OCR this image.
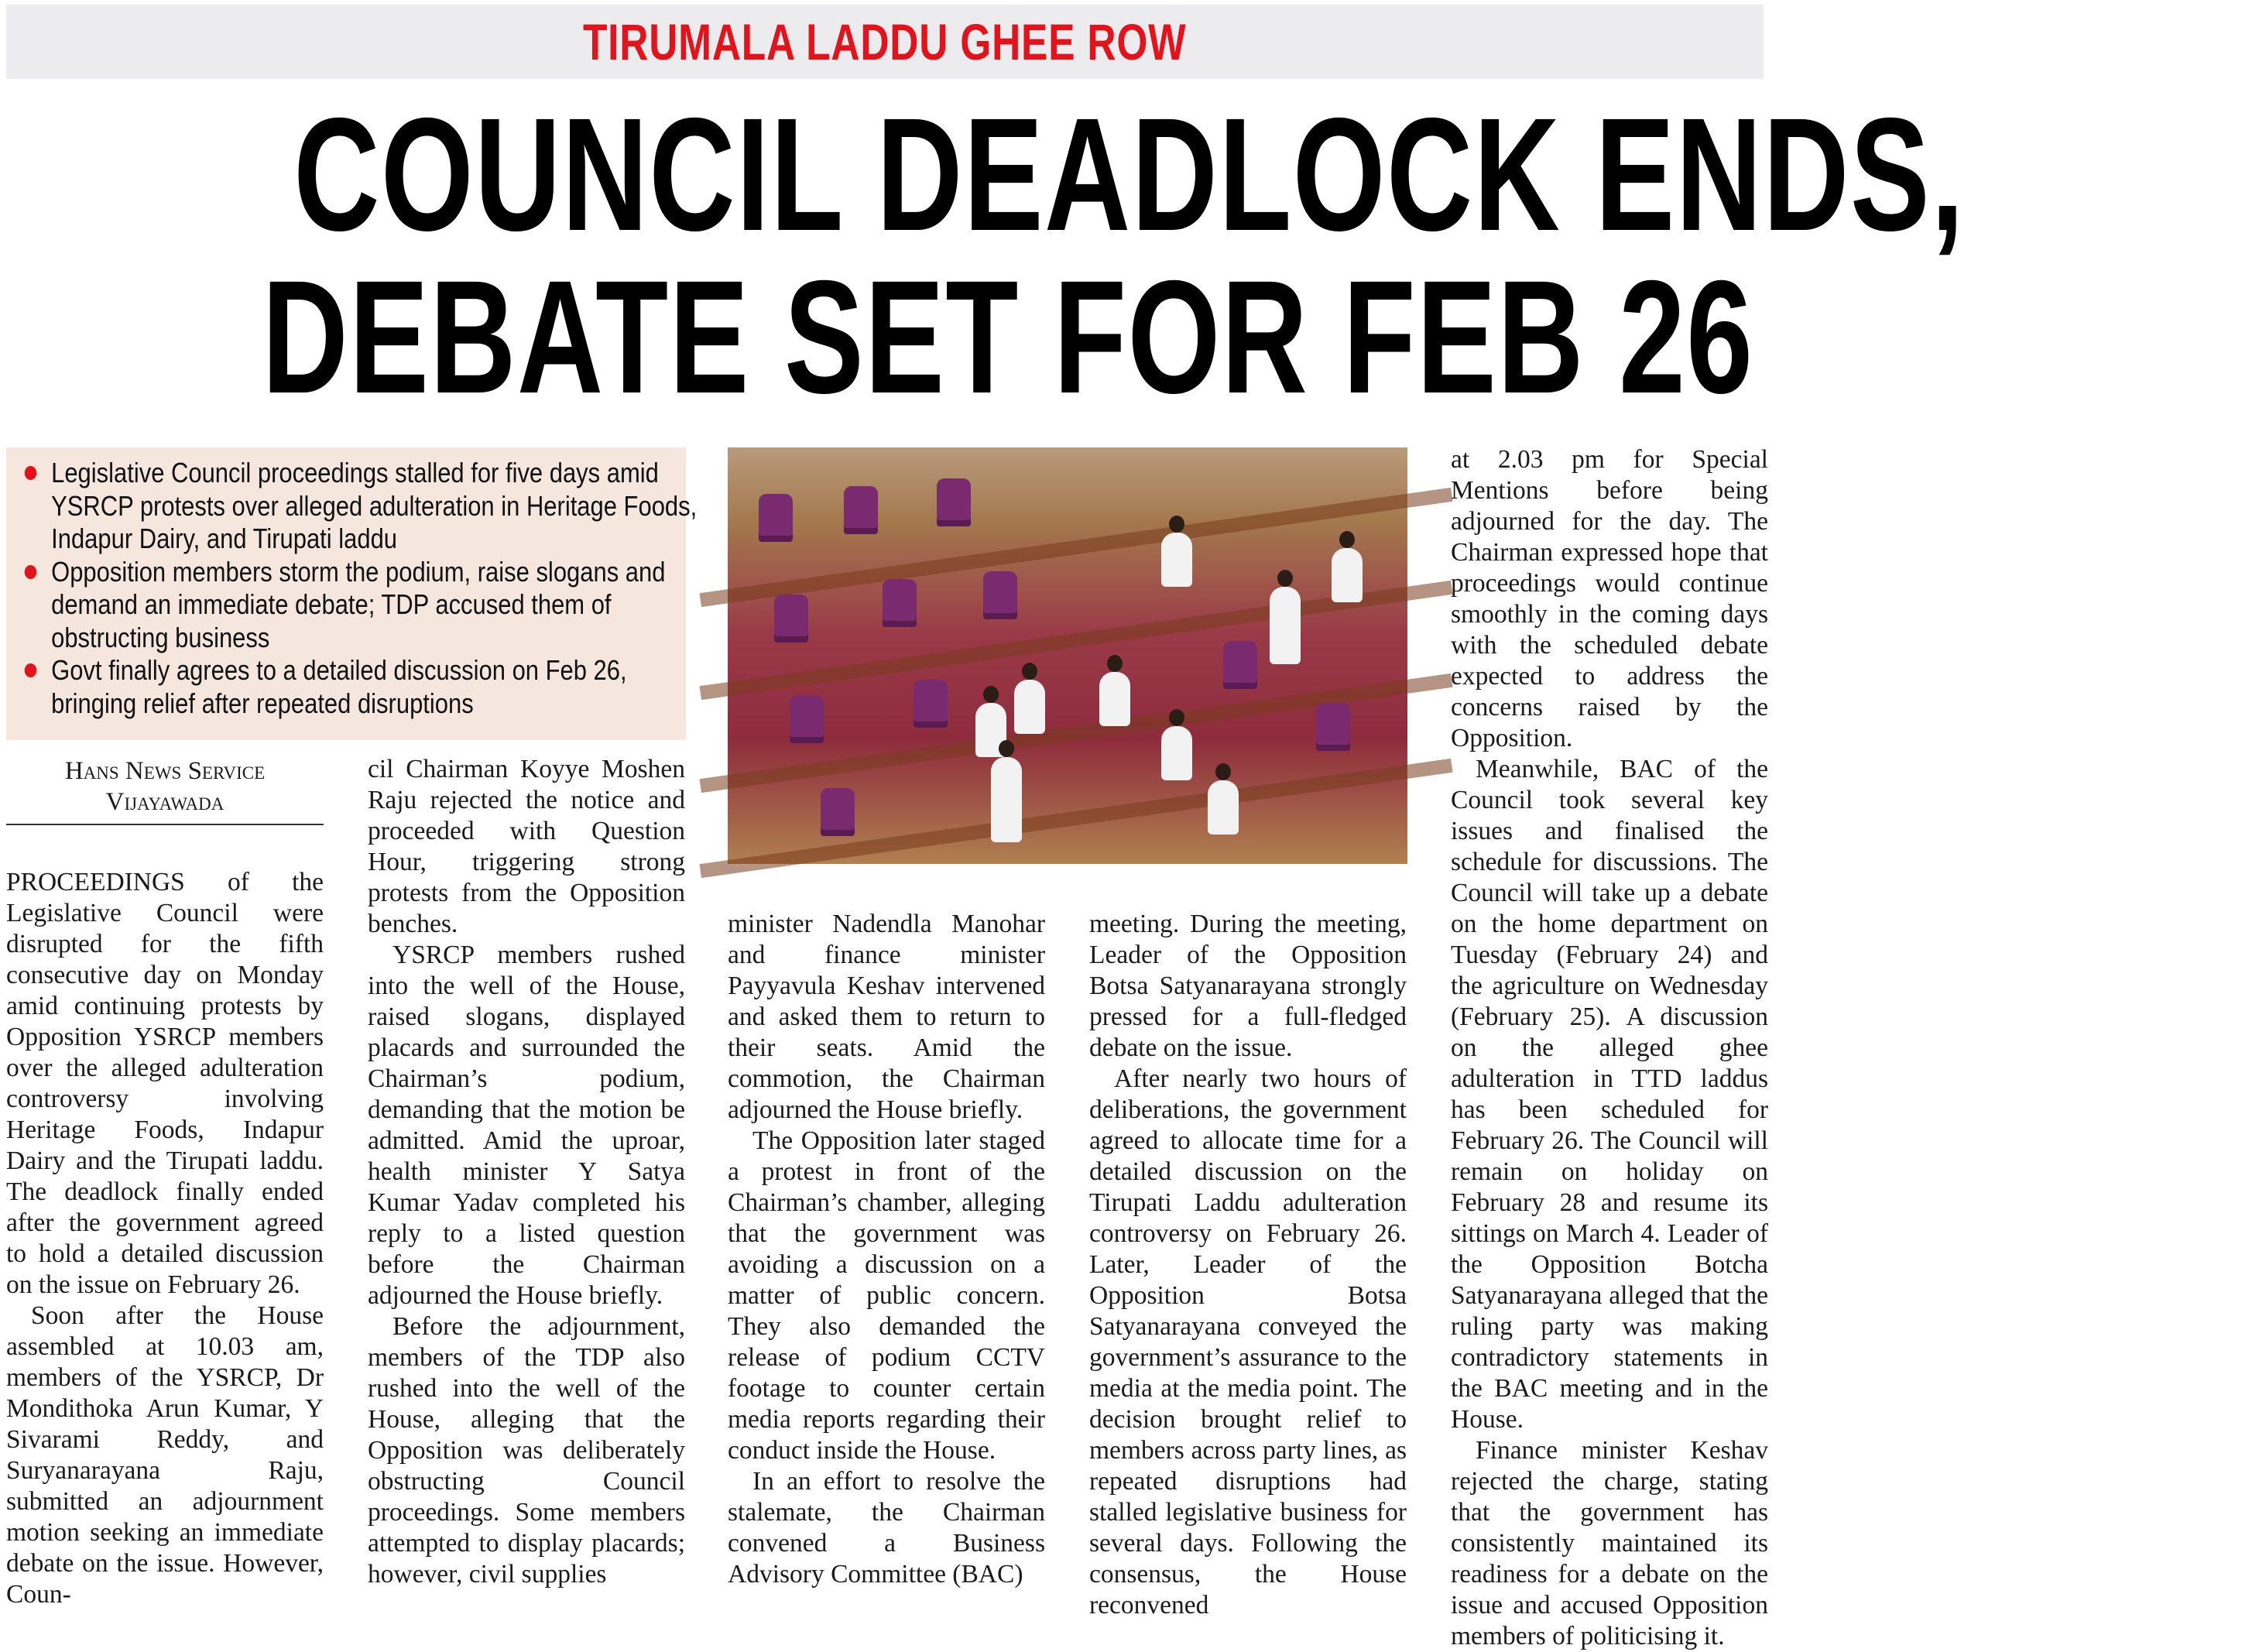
TIRUMALA LADDU GHEE ROW
COUNCIL DEADLOCK ENDS,
DEBATE SET FOR FEB 26
Legislative Council proceedings stalled for five days amid YSRCP protests over alleged adulteration in Heritage Foods, Indapur Dairy, and Tirupati laddu
Opposition members storm the podium, raise slogans and demand an immediate debate; TDP accused them of obstructing business
Govt finally agrees to a detailed discussion on Feb 26, bringing relief after repeated disruptions
Hans News Service
Vijayawada
PROCEEDINGS of the Legislative Council were disrupted for the fifth consecutive day on Monday amid continuing protests by Opposition YSRCP members over the alleged adulteration controversy involving Heritage Foods, Indapur Dairy and the Tirupati laddu. The deadlock finally ended after the government agreed to hold a detailed discussion on the issue on February 26.
Soon after the House assembled at 10.03 am, members of the YSRCP, Dr Mondithoka Arun Kumar, Y Sivarami Reddy, and Suryanarayana Raju, submitted an adjournment motion seeking an immediate debate on the issue. However, Coun-
cil Chairman Koyye Moshen Raju rejected the notice and proceeded with Question Hour, triggering strong protests from the Opposition benches.
YSRCP members rushed into the well of the House, raised slogans, displayed placards and surrounded the Chairman’s podium, demanding that the motion be admitted. Amid the uproar, health minister Y Satya Kumar Yadav completed his reply to a listed question before the Chairman adjourned the House briefly.
Before the adjournment, members of the TDP also rushed into the well of the House, alleging that the Opposition was deliberately obstructing Council proceedings. Some members attempted to display placards; however, civil supplies
minister Nadendla Manohar and finance minister Payyavula Keshav intervened and asked them to return to their seats. Amid the commotion, the Chairman adjourned the House briefly.
The Opposition later staged a protest in front of the Chairman’s chamber, alleging that the government was avoiding a discussion on a matter of public concern. They also demanded the release of podium CCTV footage to counter certain media reports regarding their conduct inside the House.
In an effort to resolve the stalemate, the Chairman convened a Business Advisory Committee (BAC)
meeting. During the meeting, Leader of the Opposition Botsa Satyanarayana strongly pressed for a full-fledged debate on the issue.
After nearly two hours of deliberations, the government agreed to allocate time for a detailed discussion on the Tirupati Laddu adulteration controversy on February 26. Later, Leader of the Opposition Botsa Satyanarayana conveyed the government’s assurance to the media at the media point. The decision brought relief to members across party lines, as repeated disruptions had stalled legislative business for several days. Following the consensus, the House reconvened
at 2.03 pm for Special Mentions before being adjourned for the day. The Chairman expressed hope that proceedings would continue smoothly in the coming days with the scheduled debate expected to address the concerns raised by the Opposition.
Meanwhile, BAC of the Council took several key issues and finalised the schedule for discussions. The Council will take up a debate on the home department on Tuesday (February 24) and the agriculture on Wednesday (February 25). A discussion on the alleged ghee adulteration in TTD laddus has been scheduled for February 26. The Council will remain on holiday on February 28 and resume its sittings on March 4. Leader of the Opposition Botcha Satyanarayana alleged that the ruling party was making contradictory statements in the BAC meeting and in the House.
Finance minister Keshav rejected the charge, stating that the government has consistently maintained its readiness for a debate on the issue and accused Opposition members of politicising it.
